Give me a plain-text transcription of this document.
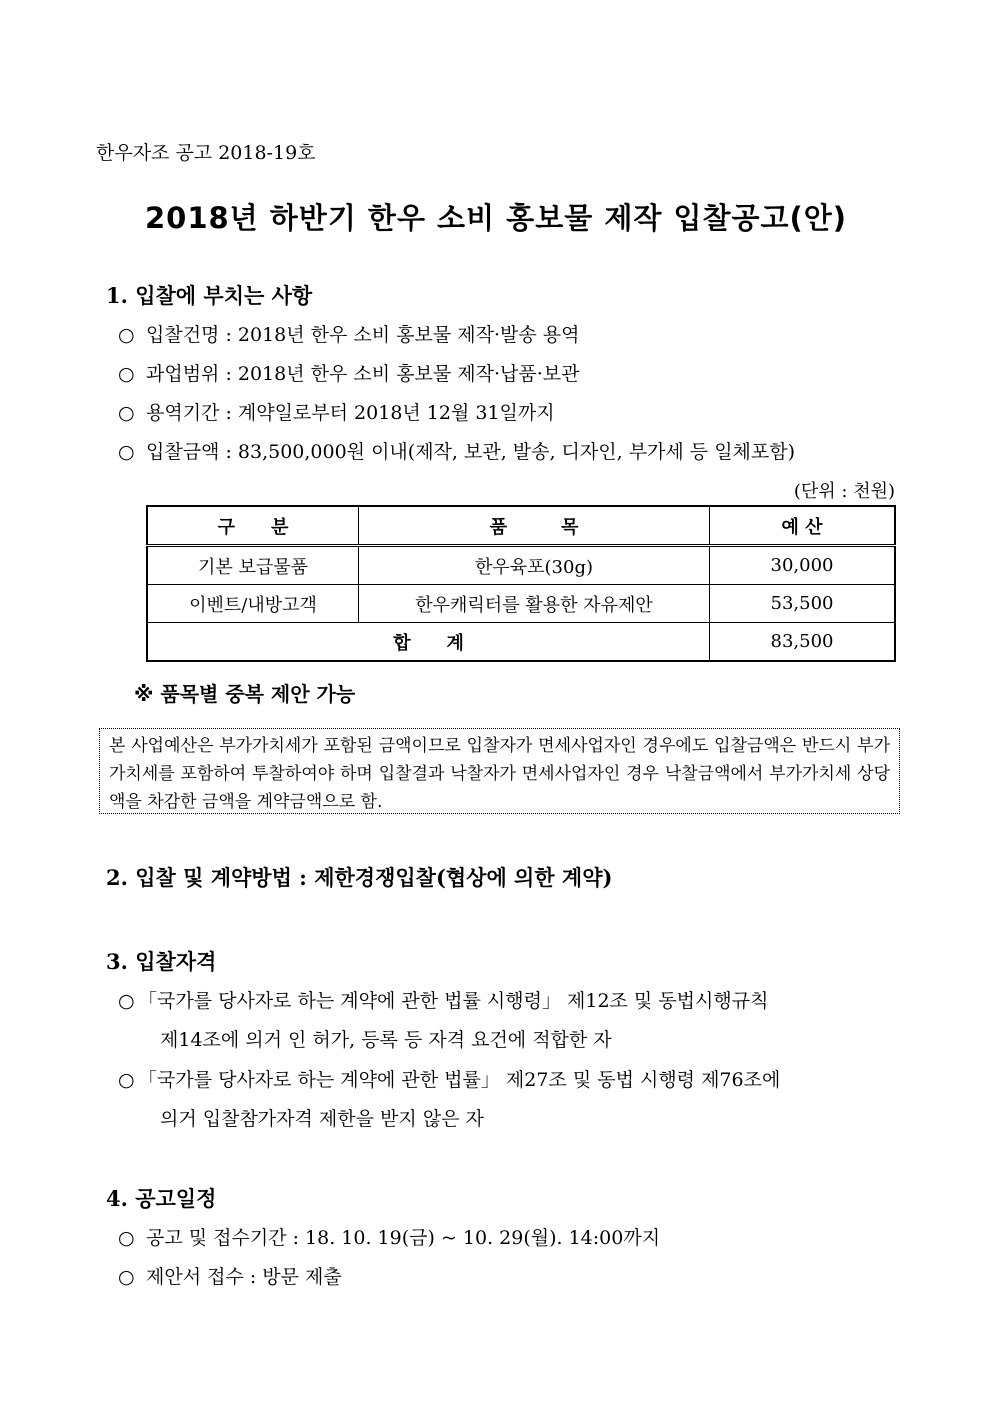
한우자조 공고 2018-19호
2018년 하반기 한우 소비 홍보물 제작 입찰공고(안)
1. 입찰에 부치는 사항
○ 입찰건명 : 2018년 한우 소비 홍보물 제작·발송 용역
○ 과업범위 : 2018년 한우 소비 홍보물 제작·납품·보관
○ 용역기간 : 계약일로부터 2018년 12월 31일까지
○ 입찰금액 : 83,500,000원 이내(제작, 보관, 발송, 디자인, 부가세 등 일체포함)
(단위 : 천원)
구　　분	품　　　목	예 산
기본 보급물품	한우육포(30g)	30,000
이벤트/내방고객	한우캐릭터를 활용한 자유제안	53,500
합　　계		83,500
※ 품목별 중복 제안 가능
본 사업예산은 부가가치세가 포함된 금액이므로 입찰자가 면세사업자인 경우에도 입찰금액은 반드시 부가가치세를 포함하여 투찰하여야 하며 입찰결과 낙찰자가 면세사업자인 경우 낙찰금액에서 부가가치세 상당액을 차감한 금액을 계약금액으로 함.
2. 입찰 및 계약방법 : 제한경쟁입찰(협상에 의한 계약)
3. 입찰자격
○ 「국가를 당사자로 하는 계약에 관한 법률 시행령」 제12조 및 동법시행규칙
제14조에 의거 인 허가, 등록 등 자격 요건에 적합한 자
○ 「국가를 당사자로 하는 계약에 관한 법률」 제27조 및 동법 시행령 제76조에
의거 입찰참가자격 제한을 받지 않은 자
4. 공고일정
○ 공고 및 접수기간 : 18. 10. 19(금) ~ 10. 29(월). 14:00까지
○ 제안서 접수 : 방문 제출
